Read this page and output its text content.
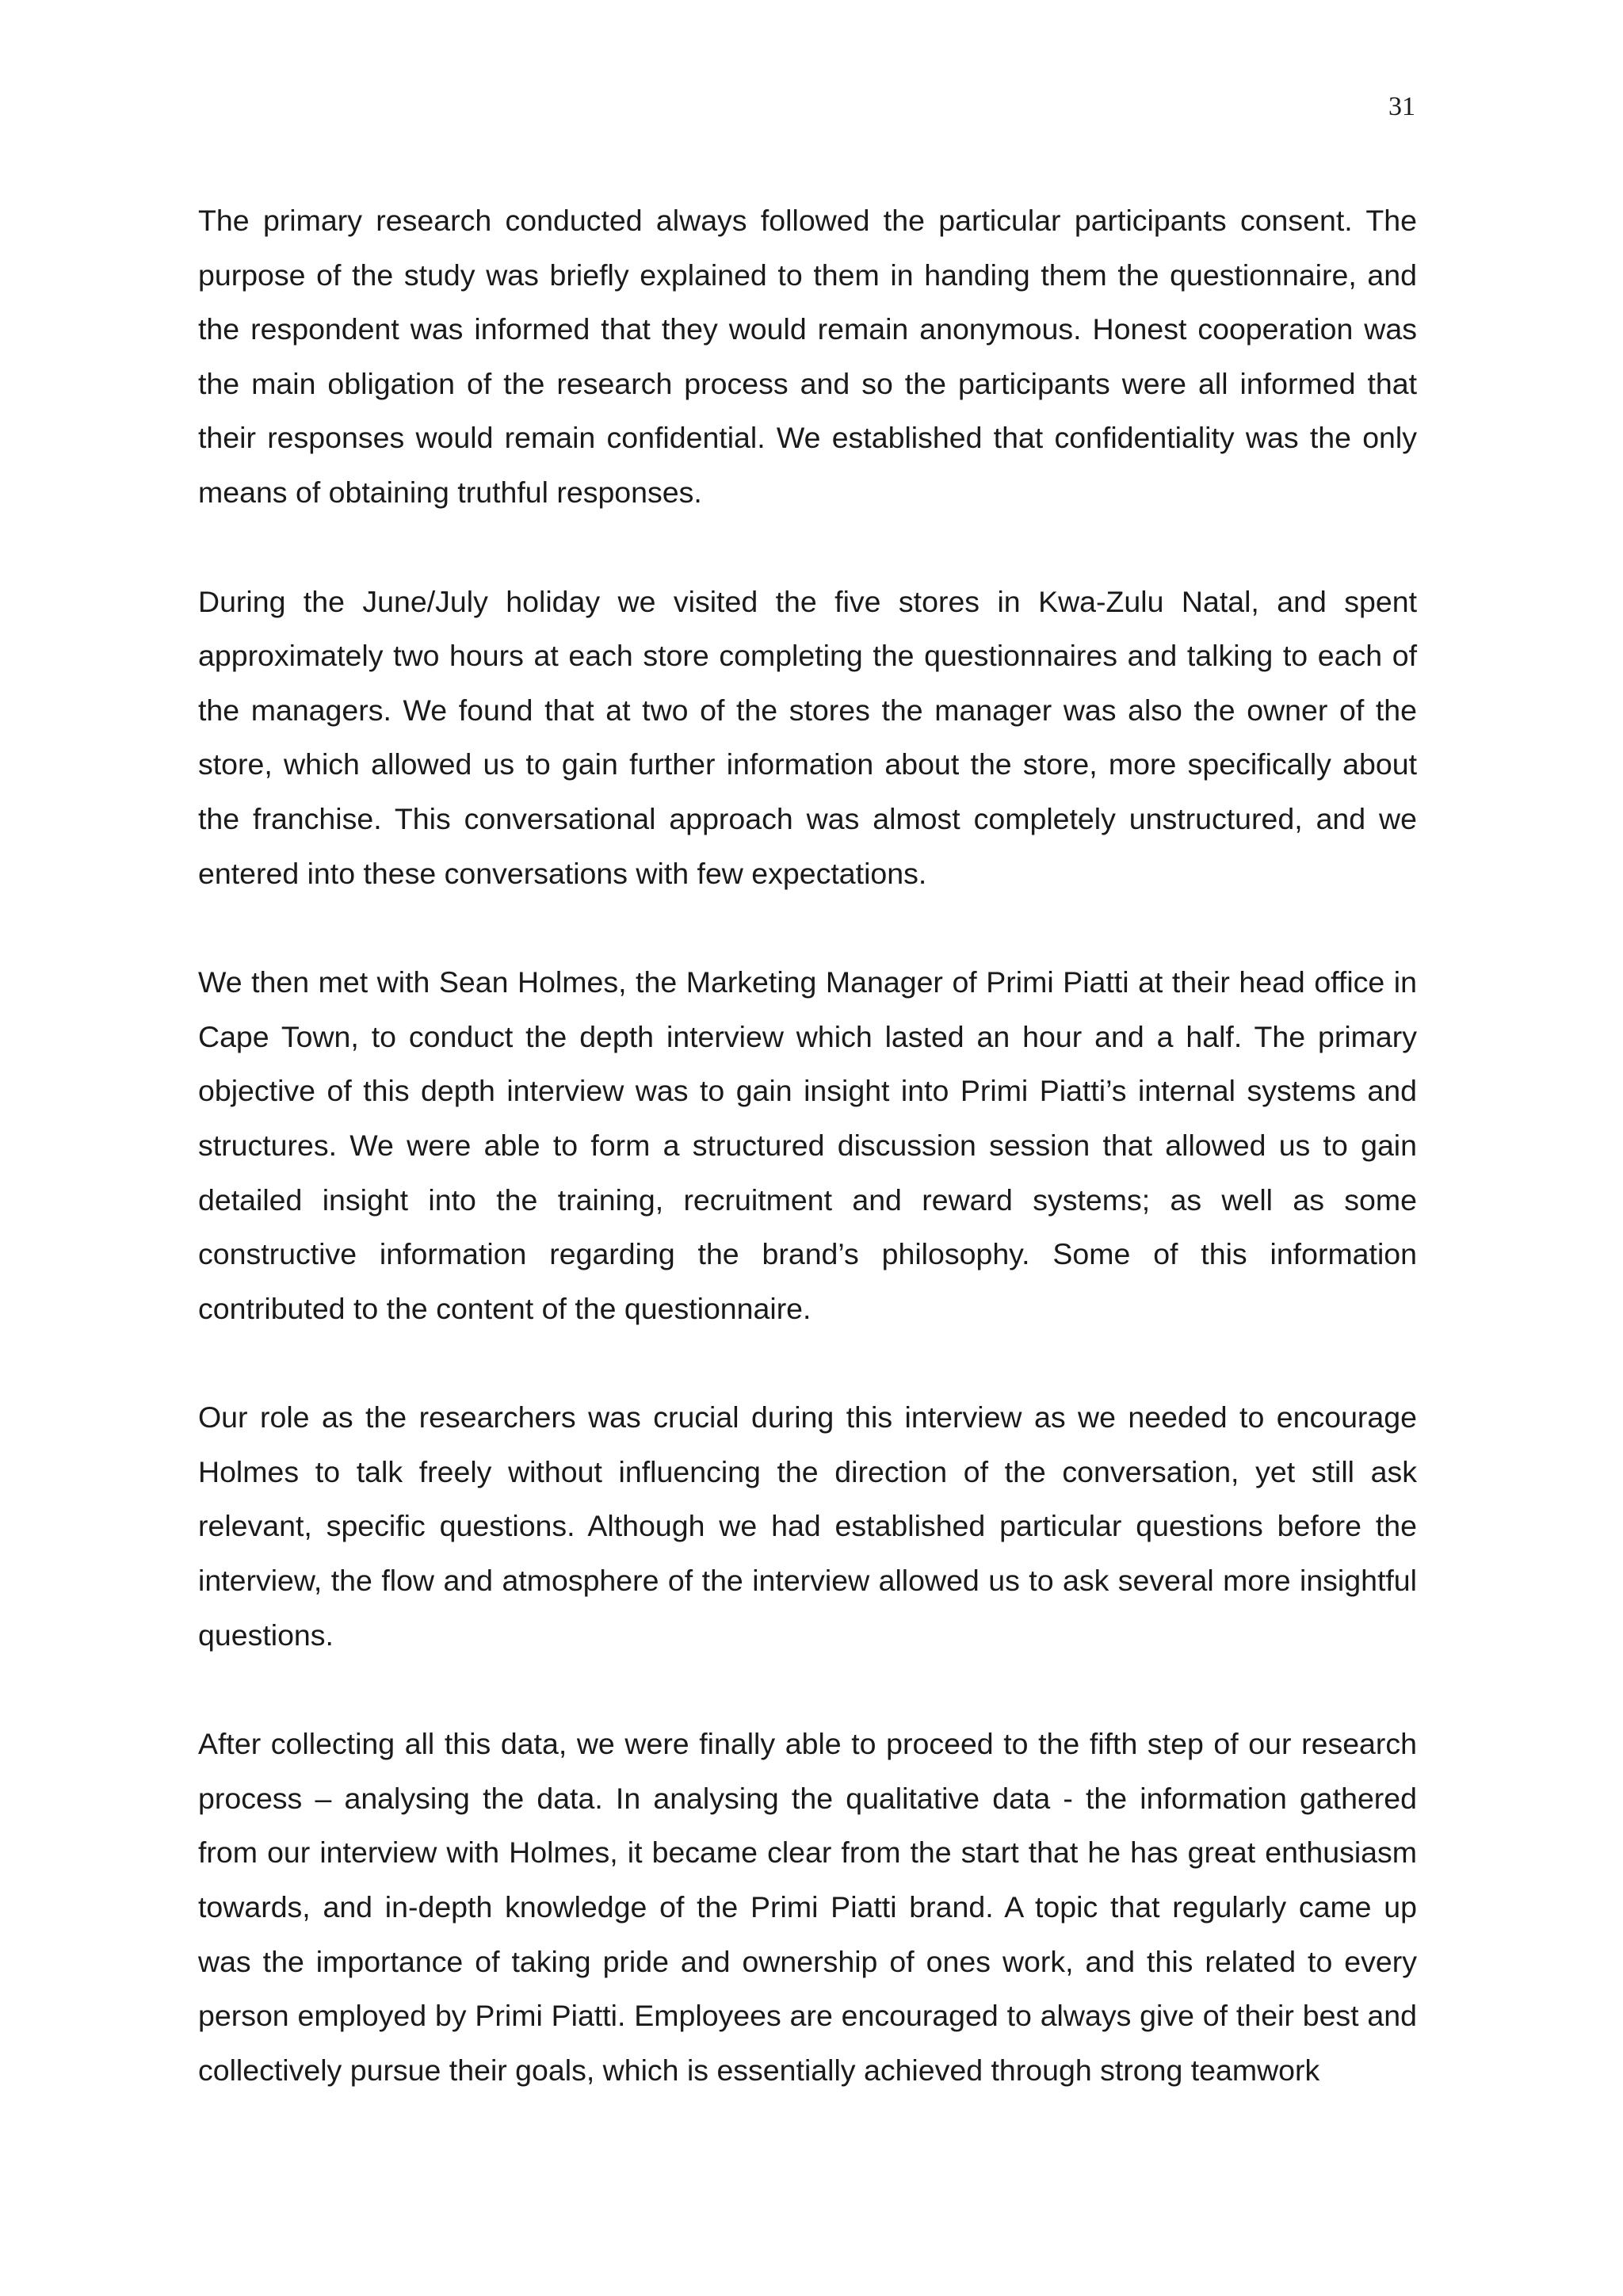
31

The primary research conducted always followed the particular participants consent. The purpose of the study was briefly explained to them in handing them the questionnaire, and the respondent was informed that they would remain anonymous. Honest cooperation was the main obligation of the research process and so the participants were all informed that their responses would remain confidential. We established that confidentiality was the only means of obtaining truthful responses.

During the June/July holiday we visited the five stores in Kwa-Zulu Natal, and spent approximately two hours at each store completing the questionnaires and talking to each of the managers. We found that at two of the stores the manager was also the owner of the store, which allowed us to gain further information about the store, more specifically about the franchise. This conversational approach was almost completely unstructured, and we entered into these conversations with few expectations.

We then met with Sean Holmes, the Marketing Manager of Primi Piatti at their head office in Cape Town, to conduct the depth interview which lasted an hour and a half. The primary objective of this depth interview was to gain insight into Primi Piatti’s internal systems and structures. We were able to form a structured discussion session that allowed us to gain detailed insight into the training, recruitment and reward systems; as well as some constructive information regarding the brand’s philosophy. Some of this information contributed to the content of the questionnaire.

Our role as the researchers was crucial during this interview as we needed to encourage Holmes to talk freely without influencing the direction of the conversation, yet still ask relevant, specific questions. Although we had established particular questions before the interview, the flow and atmosphere of the interview allowed us to ask several more insightful questions.

After collecting all this data, we were finally able to proceed to the fifth step of our research process – analysing the data. In analysing the qualitative data - the information gathered from our interview with Holmes, it became clear from the start that he has great enthusiasm towards, and in-depth knowledge of the Primi Piatti brand. A topic that regularly came up was the importance of taking pride and ownership of ones work, and this related to every person employed by Primi Piatti. Employees are encouraged to always give of their best and collectively pursue their goals, which is essentially achieved through strong teamwork
